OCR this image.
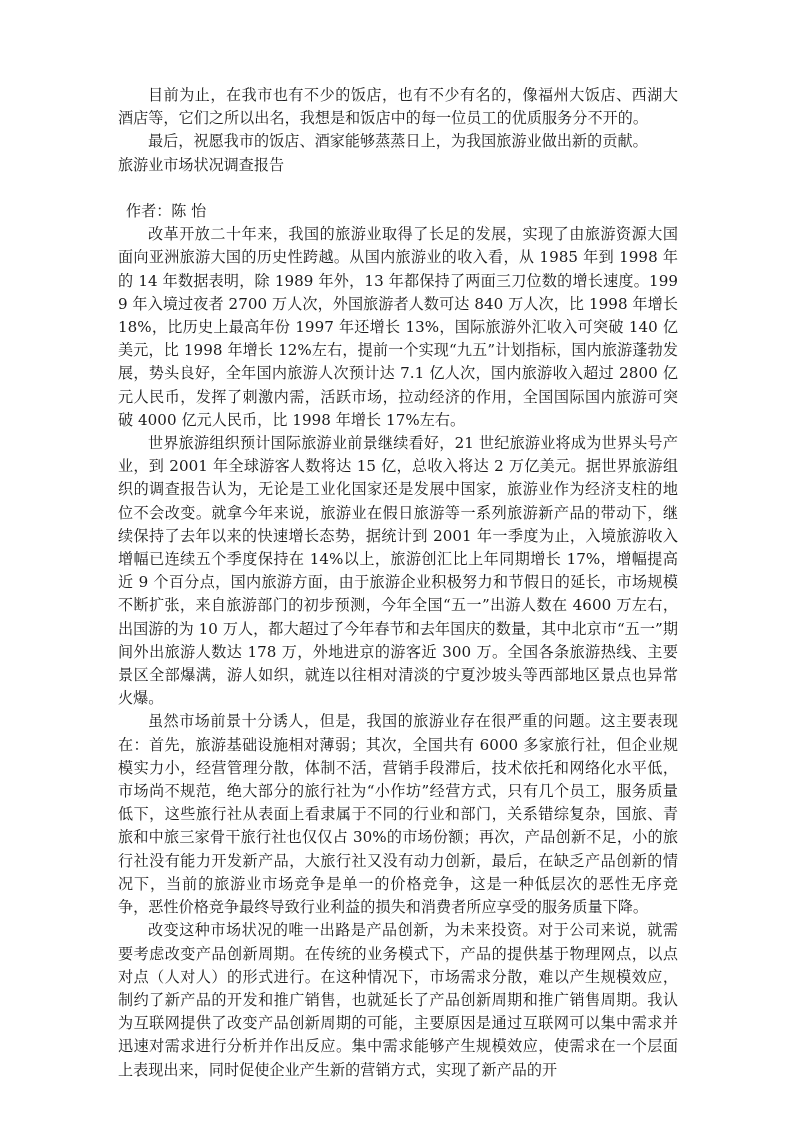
目前为止，在我市也有不少的饭店，也有不少有名的，像福州大饭店、西湖大酒店等，它们之所以出名，我想是和饭店中的每一位员工的优质服务分不开的。

最后，祝愿我市的饭店、酒家能够蒸蒸日上，为我国旅游业做出新的贡献。

旅游业市场状况调查报告

作者：陈 怡

改革开放二十年来，我国的旅游业取得了长足的发展，实现了由旅游资源大国面向亚洲旅游大国的历史性跨越。从国内旅游业的收入看，从 1985 年到 1998 年的 14 年数据表明，除 1989 年外，13 年都保持了两面三刀位数的增长速度。1999 年入境过夜者 2700 万人次，外国旅游者人数可达 840 万人次，比 1998 年增长 18%，比历史上最高年份 1997 年还增长 13%，国际旅游外汇收入可突破 140 亿美元，比 1998 年增长 12%左右，提前一个实现“九五”计划指标，国内旅游蓬勃发展，势头良好，全年国内旅游人次预计达 7.1 亿人次，国内旅游收入超过 2800 亿元人民币，发挥了刺激内需，活跃市场，拉动经济的作用，全国国际国内旅游可突破 4000 亿元人民币，比 1998 年增长 17%左右。

世界旅游组织预计国际旅游业前景继续看好，21 世纪旅游业将成为世界头号产业，到 2001 年全球游客人数将达 15 亿，总收入将达 2 万亿美元。据世界旅游组织的调查报告认为，无论是工业化国家还是发展中国家，旅游业作为经济支柱的地位不会改变。就拿今年来说，旅游业在假日旅游等一系列旅游新产品的带动下，继续保持了去年以来的快速增长态势，据统计到 2001 年一季度为止，入境旅游收入增幅已连续五个季度保持在 14%以上，旅游创汇比上年同期增长 17%，增幅提高近 9 个百分点，国内旅游方面，由于旅游企业积极努力和节假日的延长，市场规模不断扩张，来自旅游部门的初步预测，今年全国“五一”出游人数在 4600 万左右，出国游的为 10 万人，都大超过了今年春节和去年国庆的数量，其中北京市“五一”期间外出旅游人数达 178 万，外地进京的游客近 300 万。全国各条旅游热线、主要景区全部爆满，游人如织，就连以往相对清淡的宁夏沙坡头等西部地区景点也异常火爆。

虽然市场前景十分诱人，但是，我国的旅游业存在很严重的问题。这主要表现在：首先，旅游基础设施相对薄弱；其次，全国共有 6000 多家旅行社，但企业规模实力小，经营管理分散，体制不活，营销手段滞后，技术依托和网络化水平低，市场尚不规范，绝大部分的旅行社为“小作坊”经营方式，只有几个员工，服务质量低下，这些旅行社从表面上看隶属于不同的行业和部门，关系错综复杂，国旅、青旅和中旅三家骨干旅行社也仅仅占 30%的市场份额；再次，产品创新不足，小的旅行社没有能力开发新产品，大旅行社又没有动力创新，最后，在缺乏产品创新的情况下，当前的旅游业市场竞争是单一的价格竞争，这是一种低层次的恶性无序竞争，恶性价格竞争最终导致行业利益的损失和消费者所应享受的服务质量下降。

改变这种市场状况的唯一出路是产品创新，为未来投资。对于公司来说，就需要考虑改变产品创新周期。在传统的业务模式下，产品的提供基于物理网点，以点对点（人对人）的形式进行。在这种情况下，市场需求分散，难以产生规模效应，制约了新产品的开发和推广销售，也就延长了产品创新周期和推广销售周期。我认为互联网提供了改变产品创新周期的可能，主要原因是通过互联网可以集中需求并迅速对需求进行分析并作出反应。集中需求能够产生规模效应，使需求在一个层面上表现出来，同时促使企业产生新的营销方式，实现了新产品的开
